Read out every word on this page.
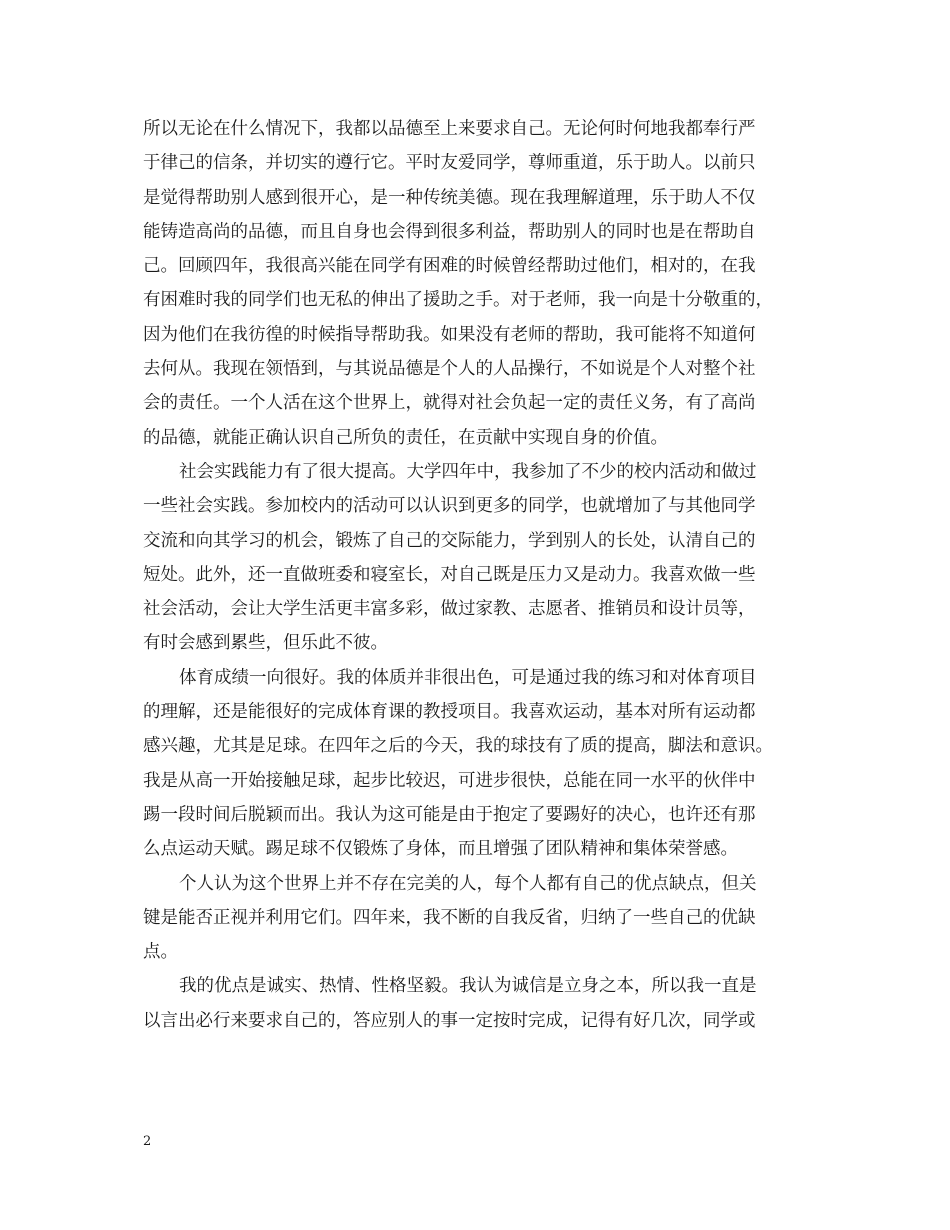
所以无论在什么情况下，我都以品德至上来要求自己。无论何时何地我都奉行严
于律己的信条，并切实的遵行它。平时友爱同学，尊师重道，乐于助人。以前只
是觉得帮助别人感到很开心，是一种传统美德。现在我理解道理，乐于助人不仅
能铸造高尚的品德，而且自身也会得到很多利益，帮助别人的同时也是在帮助自
己。回顾四年，我很高兴能在同学有困难的时候曾经帮助过他们，相对的，在我
有困难时我的同学们也无私的伸出了援助之手。对于老师，我一向是十分敬重的，
因为他们在我彷徨的时候指导帮助我。如果没有老师的帮助，我可能将不知道何
去何从。我现在领悟到，与其说品德是个人的人品操行，不如说是个人对整个社
会的责任。一个人活在这个世界上，就得对社会负起一定的责任义务，有了高尚
的品德，就能正确认识自己所负的责任，在贡献中实现自身的价值。
社会实践能力有了很大提高。大学四年中，我参加了不少的校内活动和做过
一些社会实践。参加校内的活动可以认识到更多的同学，也就增加了与其他同学
交流和向其学习的机会，锻炼了自己的交际能力，学到别人的长处，认清自己的
短处。此外，还一直做班委和寝室长，对自己既是压力又是动力。我喜欢做一些
社会活动，会让大学生活更丰富多彩，做过家教、志愿者、推销员和设计员等，
有时会感到累些，但乐此不彼。
体育成绩一向很好。我的体质并非很出色，可是通过我的练习和对体育项目
的理解，还是能很好的完成体育课的教授项目。我喜欢运动，基本对所有运动都
感兴趣，尤其是足球。在四年之后的今天，我的球技有了质的提高，脚法和意识。
我是从高一开始接触足球，起步比较迟，可进步很快，总能在同一水平的伙伴中
踢一段时间后脱颖而出。我认为这可能是由于抱定了要踢好的决心，也许还有那
么点运动天赋。踢足球不仅锻炼了身体，而且增强了团队精神和集体荣誉感。
个人认为这个世界上并不存在完美的人，每个人都有自己的优点缺点，但关
键是能否正视并利用它们。四年来，我不断的自我反省，归纳了一些自己的优缺
点。
我的优点是诚实、热情、性格坚毅。我认为诚信是立身之本，所以我一直是
以言出必行来要求自己的，答应别人的事一定按时完成，记得有好几次，同学或
2
